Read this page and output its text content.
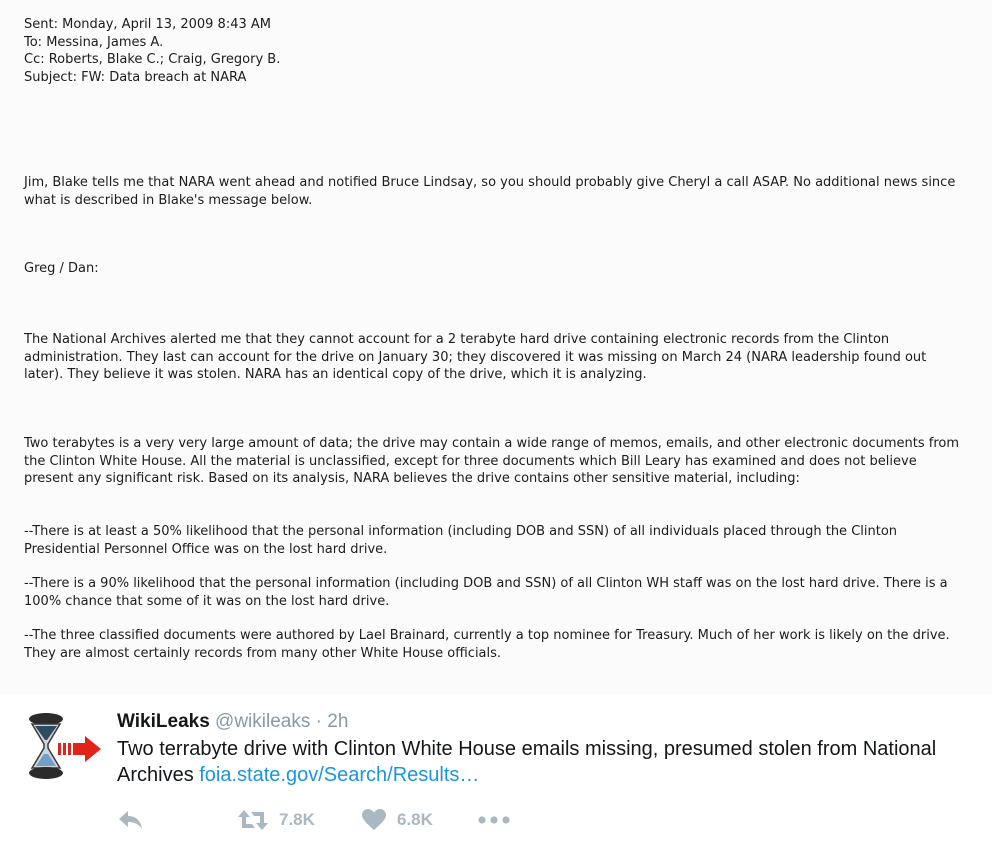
Sent: Monday, April 13, 2009 8:43 AM
To: Messina, James A.
Cc: Roberts, Blake C.; Craig, Gregory B.
Subject: FW: Data breach at NARA

Jim, Blake tells me that NARA went ahead and notified Bruce Lindsay, so you should probably give Cheryl a call ASAP. No additional news since what is described in Blake's message below.

Greg / Dan:

The National Archives alerted me that they cannot account for a 2 terabyte hard drive containing electronic records from the Clinton administration. They last can account for the drive on January 30; they discovered it was missing on March 24 (NARA leadership found out later). They believe it was stolen. NARA has an identical copy of the drive, which it is analyzing.

Two terabytes is a very very large amount of data; the drive may contain a wide range of memos, emails, and other electronic documents from the Clinton White House. All the material is unclassified, except for three documents which Bill Leary has examined and does not believe present any significant risk. Based on its analysis, NARA believes the drive contains other sensitive material, including:

--There is at least a 50% likelihood that the personal information (including DOB and SSN) of all individuals placed through the Clinton Presidential Personnel Office was on the lost hard drive.

--There is a 90% likelihood that the personal information (including DOB and SSN) of all Clinton WH staff was on the lost hard drive. There is a 100% chance that some of it was on the lost hard drive.

--The three classified documents were authored by Lael Brainard, currently a top nominee for Treasury. Much of her work is likely on the drive. They are almost certainly records from many other White House officials.

WikiLeaks @wikileaks · 2h
Two terrabyte drive with Clinton White House emails missing, presumed stolen from National Archives foia.state.gov/Search/Results…
7.8K	6.8K
